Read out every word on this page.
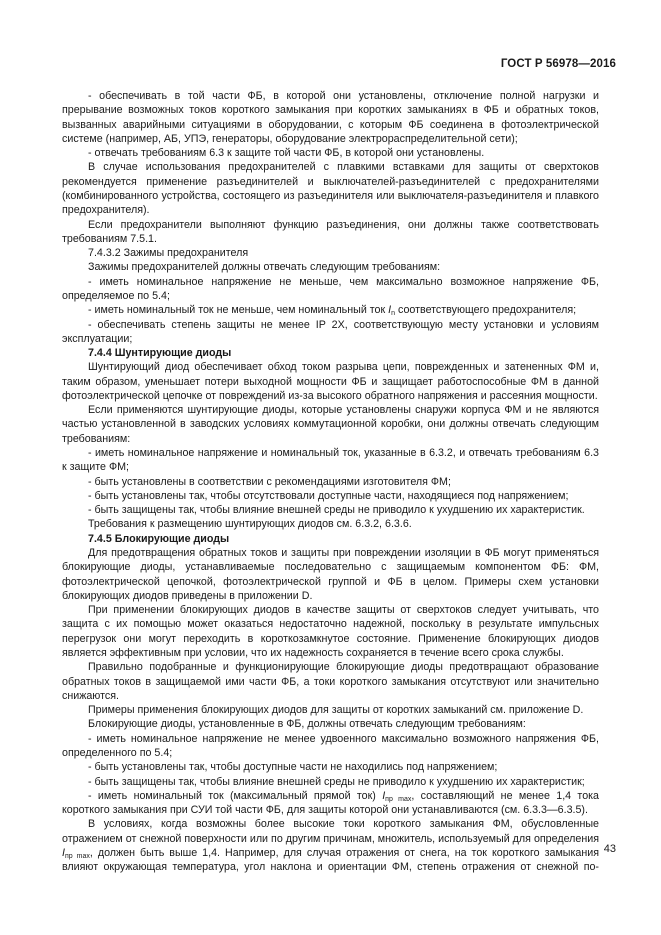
ГОСТ Р 56978—2016

- обеспечивать в той части ФБ, в которой они установлены, отключение полной нагрузки и прерывание возможных токов короткого замыкания при коротких замыканиях в ФБ и обратных токов, вызванных аварийными ситуациями в оборудовании, с которым ФБ соединена в фотоэлектрической системе (например, АБ, УПЭ, генераторы, оборудование электрораспределительной сети);

- отвечать требованиям 6.3 к защите той части ФБ, в которой они установлены.

В случае использования предохранителей с плавкими вставками для защиты от сверхтоков рекомендуется применение разъединителей и выключателей-разъединителей с предохранителями (комбинированного устройства, состоящего из разъединителя или выключателя-разъединителя и плавкого предохранителя).

Если предохранители выполняют функцию разъединения, они должны также соответствовать требованиям 7.5.1.

7.4.3.2 Зажимы предохранителя

Зажимы предохранителей должны отвечать следующим требованиям:

- иметь номинальное напряжение не меньше, чем максимально возможное напряжение ФБ, определяемое по 5.4;

- иметь номинальный ток не меньше, чем номинальный ток $I_n$ соответствующего предохранителя;

- обеспечивать степень защиты не менее IP 2X, соответствующую месту установки и условиям эксплуатации;

7.4.4 Шунтирующие диоды

Шунтирующий диод обеспечивает обход током разрыва цепи, поврежденных и затененных ФМ и, таким образом, уменьшает потери выходной мощности ФБ и защищает работоспособные ФМ в данной фотоэлектрической цепочке от повреждений из-за высокого обратного напряжения и рассеяния мощности.

Если применяются шунтирующие диоды, которые установлены снаружи корпуса ФМ и не являются частью установленной в заводских условиях коммутационной коробки, они должны отвечать следующим требованиям:

- иметь номинальное напряжение и номинальный ток, указанные в 6.3.2, и отвечать требованиям 6.3 к защите ФМ;

- быть установлены в соответствии с рекомендациями изготовителя ФМ;

- быть установлены так, чтобы отсутствовали доступные части, находящиеся под напряжением;

- быть защищены так, чтобы влияние внешней среды не приводило к ухудшению их характеристик.

Требования к размещению шунтирующих диодов см. 6.3.2, 6.3.6.

7.4.5 Блокирующие диоды

Для предотвращения обратных токов и защиты при повреждении изоляции в ФБ могут применяться блокирующие диоды, устанавливаемые последовательно с защищаемым компонентом ФБ: ФМ, фотоэлектрической цепочкой, фотоэлектрической группой и ФБ в целом. Примеры схем установки блокирующих диодов приведены в приложении D.

При применении блокирующих диодов в качестве защиты от сверхтоков следует учитывать, что защита с их помощью может оказаться недостаточно надежной, поскольку в результате импульсных перегрузок они могут переходить в короткозамкнутое состояние. Применение блокирующих диодов является эффективным при условии, что их надежность сохраняется в течение всего срока службы.

Правильно подобранные и функционирующие блокирующие диоды предотвращают образование обратных токов в защищаемой ими части ФБ, а токи короткого замыкания отсутствуют или значительно снижаются.

Примеры применения блокирующих диодов для защиты от коротких замыканий см. приложение D.

Блокирующие диоды, установленные в ФБ, должны отвечать следующим требованиям:

- иметь номинальное напряжение не менее удвоенного максимально возможного напряжения ФБ, определенного по 5.4;

- быть установлены так, чтобы доступные части не находились под напряжением;

- быть защищены так, чтобы влияние внешней среды не приводило к ухудшению их характеристик;

- иметь номинальный ток (максимальный прямой ток) $I_{пр max}$, составляющий не менее 1,4 тока короткого замыкания при СУИ той части ФБ, для защиты которой они устанавливаются (см. 6.3.3—6.3.5).

В условиях, когда возможны более высокие токи короткого замыкания ФМ, обусловленные отражением от снежной поверхности или по другим причинам, множитель, используемый для определения $I_{пр max}$, должен быть выше 1,4. Например, для случая отражения от снега, на ток короткого замыкания влияют окружающая температура, угол наклона и ориентации ФМ, степень отражения от снежной по-

43
